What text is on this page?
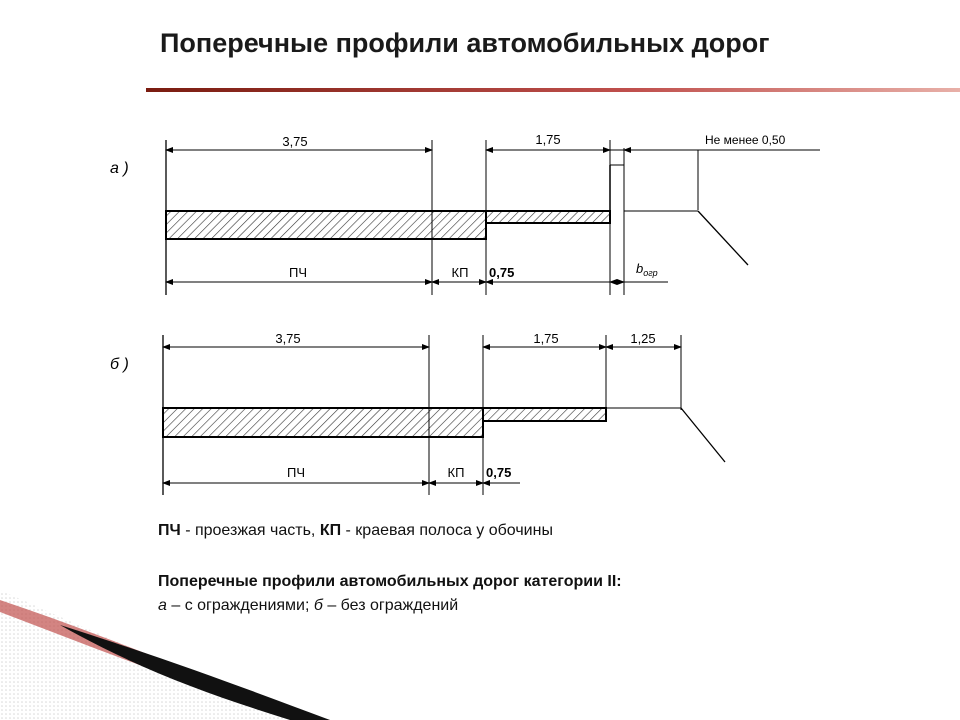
Поперечные профили автомобильных дорог
3,75	1,75	Не менее 0,50
ПЧ	КП 0,75	$b_{огр}$
3,75	1,75	1,25
ПЧ	КП 0,75
а )
б )
ПЧ - проезжая часть, КП - краевая полоса у обочины
Поперечные профили автомобильных дорог категории II:
а – с ограждениями; б – без ограждений
